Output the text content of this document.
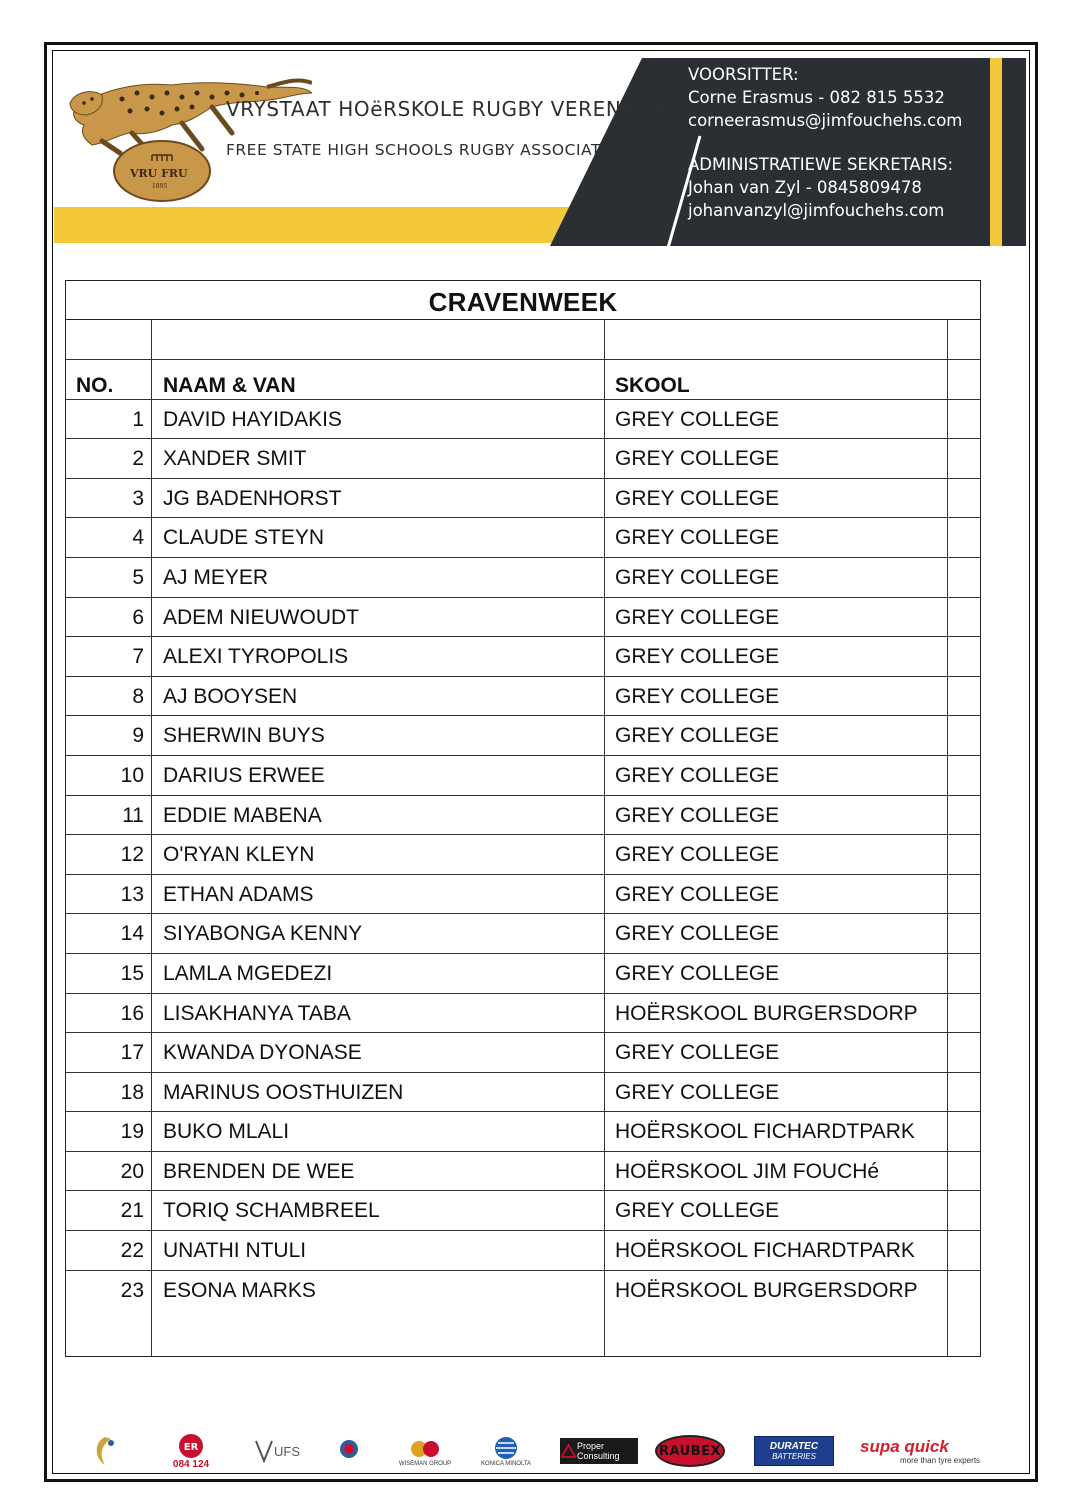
VRU FRU
1895
VRYSTAAT HOëRSKOLE RUGBY VERENIGING
FREE STATE HIGH SCHOOLS RUGBY ASSOCIATION
VOORSITTER:
Corne Erasmus - 082 815 5532
corneerasmus@jimfouchehs.com
ADMINISTRATIEWE SEKRETARIS:
Johan van Zyl - 0845809478
johanvanzyl@jimfouchehs.com
CRAVENWEEK
NO.	NAAM & VAN	SKOOL
1 DAVID HAYIDAKIS	GREY COLLEGE
2 XANDER SMIT	GREY COLLEGE
3 JG BADENHORST	GREY COLLEGE
4 CLAUDE STEYN	GREY COLLEGE
5 AJ MEYER	GREY COLLEGE
6 ADEM NIEUWOUDT	GREY COLLEGE
7 ALEXI TYROPOLIS	GREY COLLEGE
8 AJ BOOYSEN	GREY COLLEGE
9 SHERWIN BUYS	GREY COLLEGE
10 DARIUS ERWEE	GREY COLLEGE
11 EDDIE MABENA	GREY COLLEGE
12 O'RYAN KLEYN	GREY COLLEGE
13 ETHAN ADAMS	GREY COLLEGE
14 SIYABONGA KENNY	GREY COLLEGE
15 LAMLA MGEDEZI	GREY COLLEGE
16 LISAKHANYA TABA	HOËRSKOOL BURGERSDORP
17 KWANDA DYONASE	GREY COLLEGE
18 MARINUS OOSTHUIZEN	GREY COLLEGE
19 BUKO MLALI	HOËRSKOOL FICHARDTPARK
20 BRENDEN DE WEE	HOËRSKOOL JIM FOUCHé
21 TORIQ SCHAMBREEL	GREY COLLEGE
22 UNATHI NTULI	HOËRSKOOL FICHARDTPARK
23 ESONA MARKS	HOËRSKOOL BURGERSDORP
ER
084 124
UFS
WISEMAN GROUP	KONICA MINOLTA
Proper Consulting	RAUBEX	DURATEC
BATTERIES
supa quick
more than tyre experts
